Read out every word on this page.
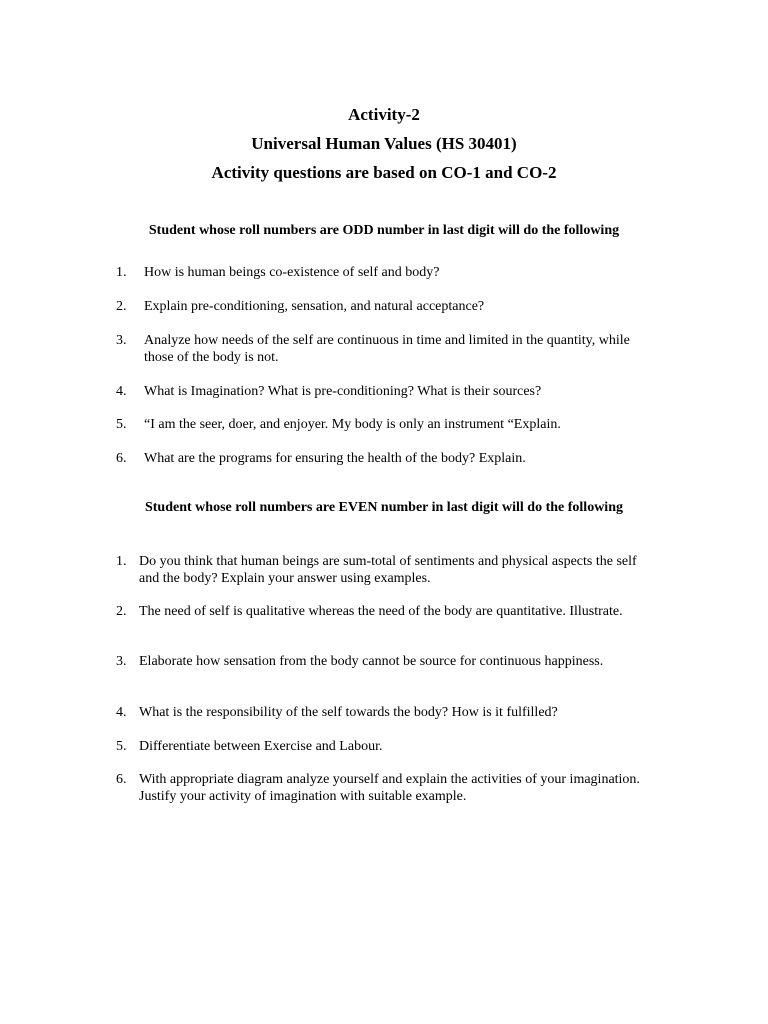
Activity-2
Universal Human Values (HS 30401)
Activity questions are based on CO-1 and CO-2
Student whose roll numbers are ODD number in last digit will do the following
1. How is human beings co-existence of self and body?
2. Explain pre-conditioning, sensation, and natural acceptance?
3. Analyze how needs of the self are continuous in time and limited in the quantity, while those of the body is not.
4. What is Imagination? What is pre-conditioning? What is their sources?
5. “I am the seer, doer, and enjoyer. My body is only an instrument “Explain.
6. What are the programs for ensuring the health of the body? Explain.
Student whose roll numbers are EVEN number in last digit will do the following
1. Do you think that human beings are sum-total of sentiments and physical aspects the self and the body? Explain your answer using examples.
2. The need of self is qualitative whereas the need of the body are quantitative. Illustrate.
3. Elaborate how sensation from the body cannot be source for continuous happiness.
4. What is the responsibility of the self towards the body? How is it fulfilled?
5. Differentiate between Exercise and Labour.
6. With appropriate diagram analyze yourself and explain the activities of your imagination. Justify your activity of imagination with suitable example.
